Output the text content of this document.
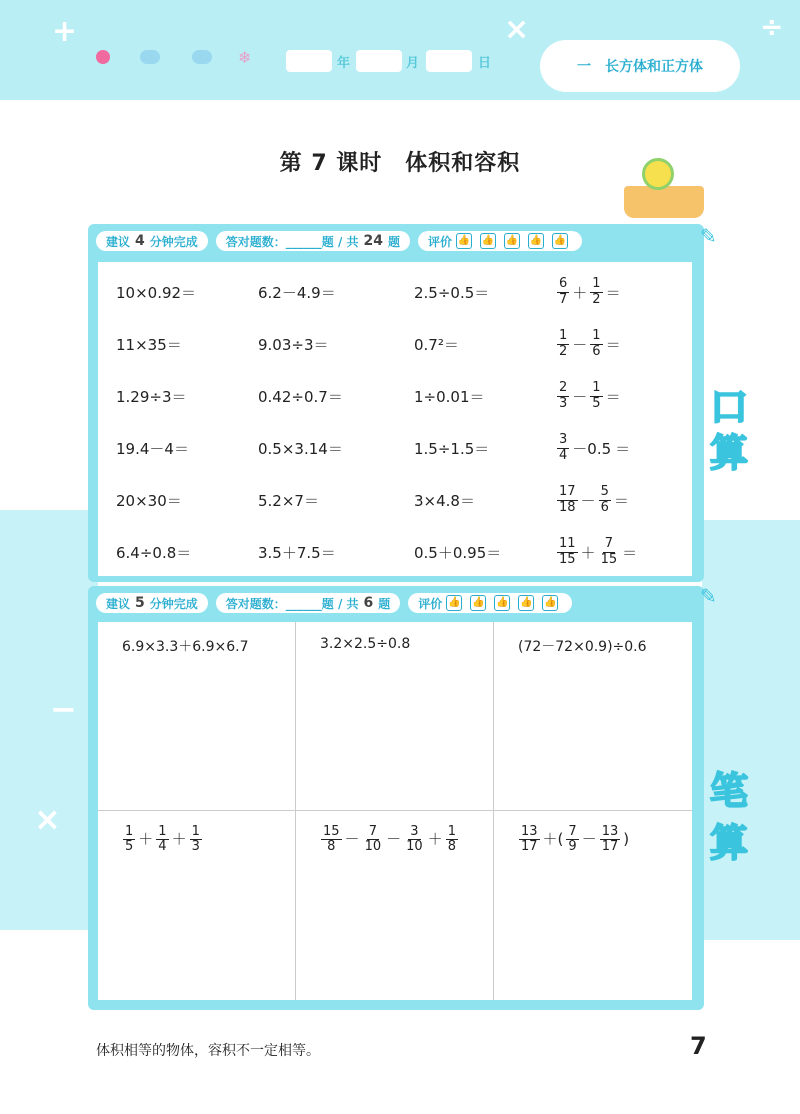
❄	年	月	日	一　长方体和正方体
+	×	÷
−
×
第 7 课时　体积和容积
建议 4 分钟完成 答对题数：______题 / 共 24 题 评价 👍 👍 👍 👍 👍	✎
10×0.92＝	6.2－4.9＝	2.5÷0.5＝	$\frac{6}{7} + \frac{1}{2}$ ＝
11×35＝	9.03÷3＝	0.7²＝	$\frac{1}{2} - \frac{1}{6}$ ＝
1.29÷3＝	0.42÷0.7＝	1÷0.01＝	$\frac{2}{3} - \frac{1}{5}$ ＝
19.4－4＝	0.5×3.14＝	1.5÷1.5＝	$\frac{3}{4} -0.5$ ＝
20×30＝	5.2×7＝	3×4.8＝	$\frac{17}{18} - \frac{5}{6}$ ＝
6.4÷0.8＝	3.5＋7.5＝	0.5＋0.95＝	$\frac{11}{15} + \frac{7}{15}$ ＝
口
算
建议 5 分钟完成 答对题数：______题 / 共 6 题 评价 👍 👍 👍 👍 👍	✎
6.9×3.3＋6.9×6.7	3.2×2.5÷0.8	(72－72×0.9)÷0.6
$\frac{1}{5} + \frac{1}{4} + \frac{1}{3}$	$\frac{15}{8} - \frac{7}{10} - \frac{3}{10} + \frac{1}{8}$	$\frac{13}{17}$ ＋( $\frac{7}{9} - \frac{13}{17}$ )
笔
算
体积相等的物体，容积不一定相等。	7
